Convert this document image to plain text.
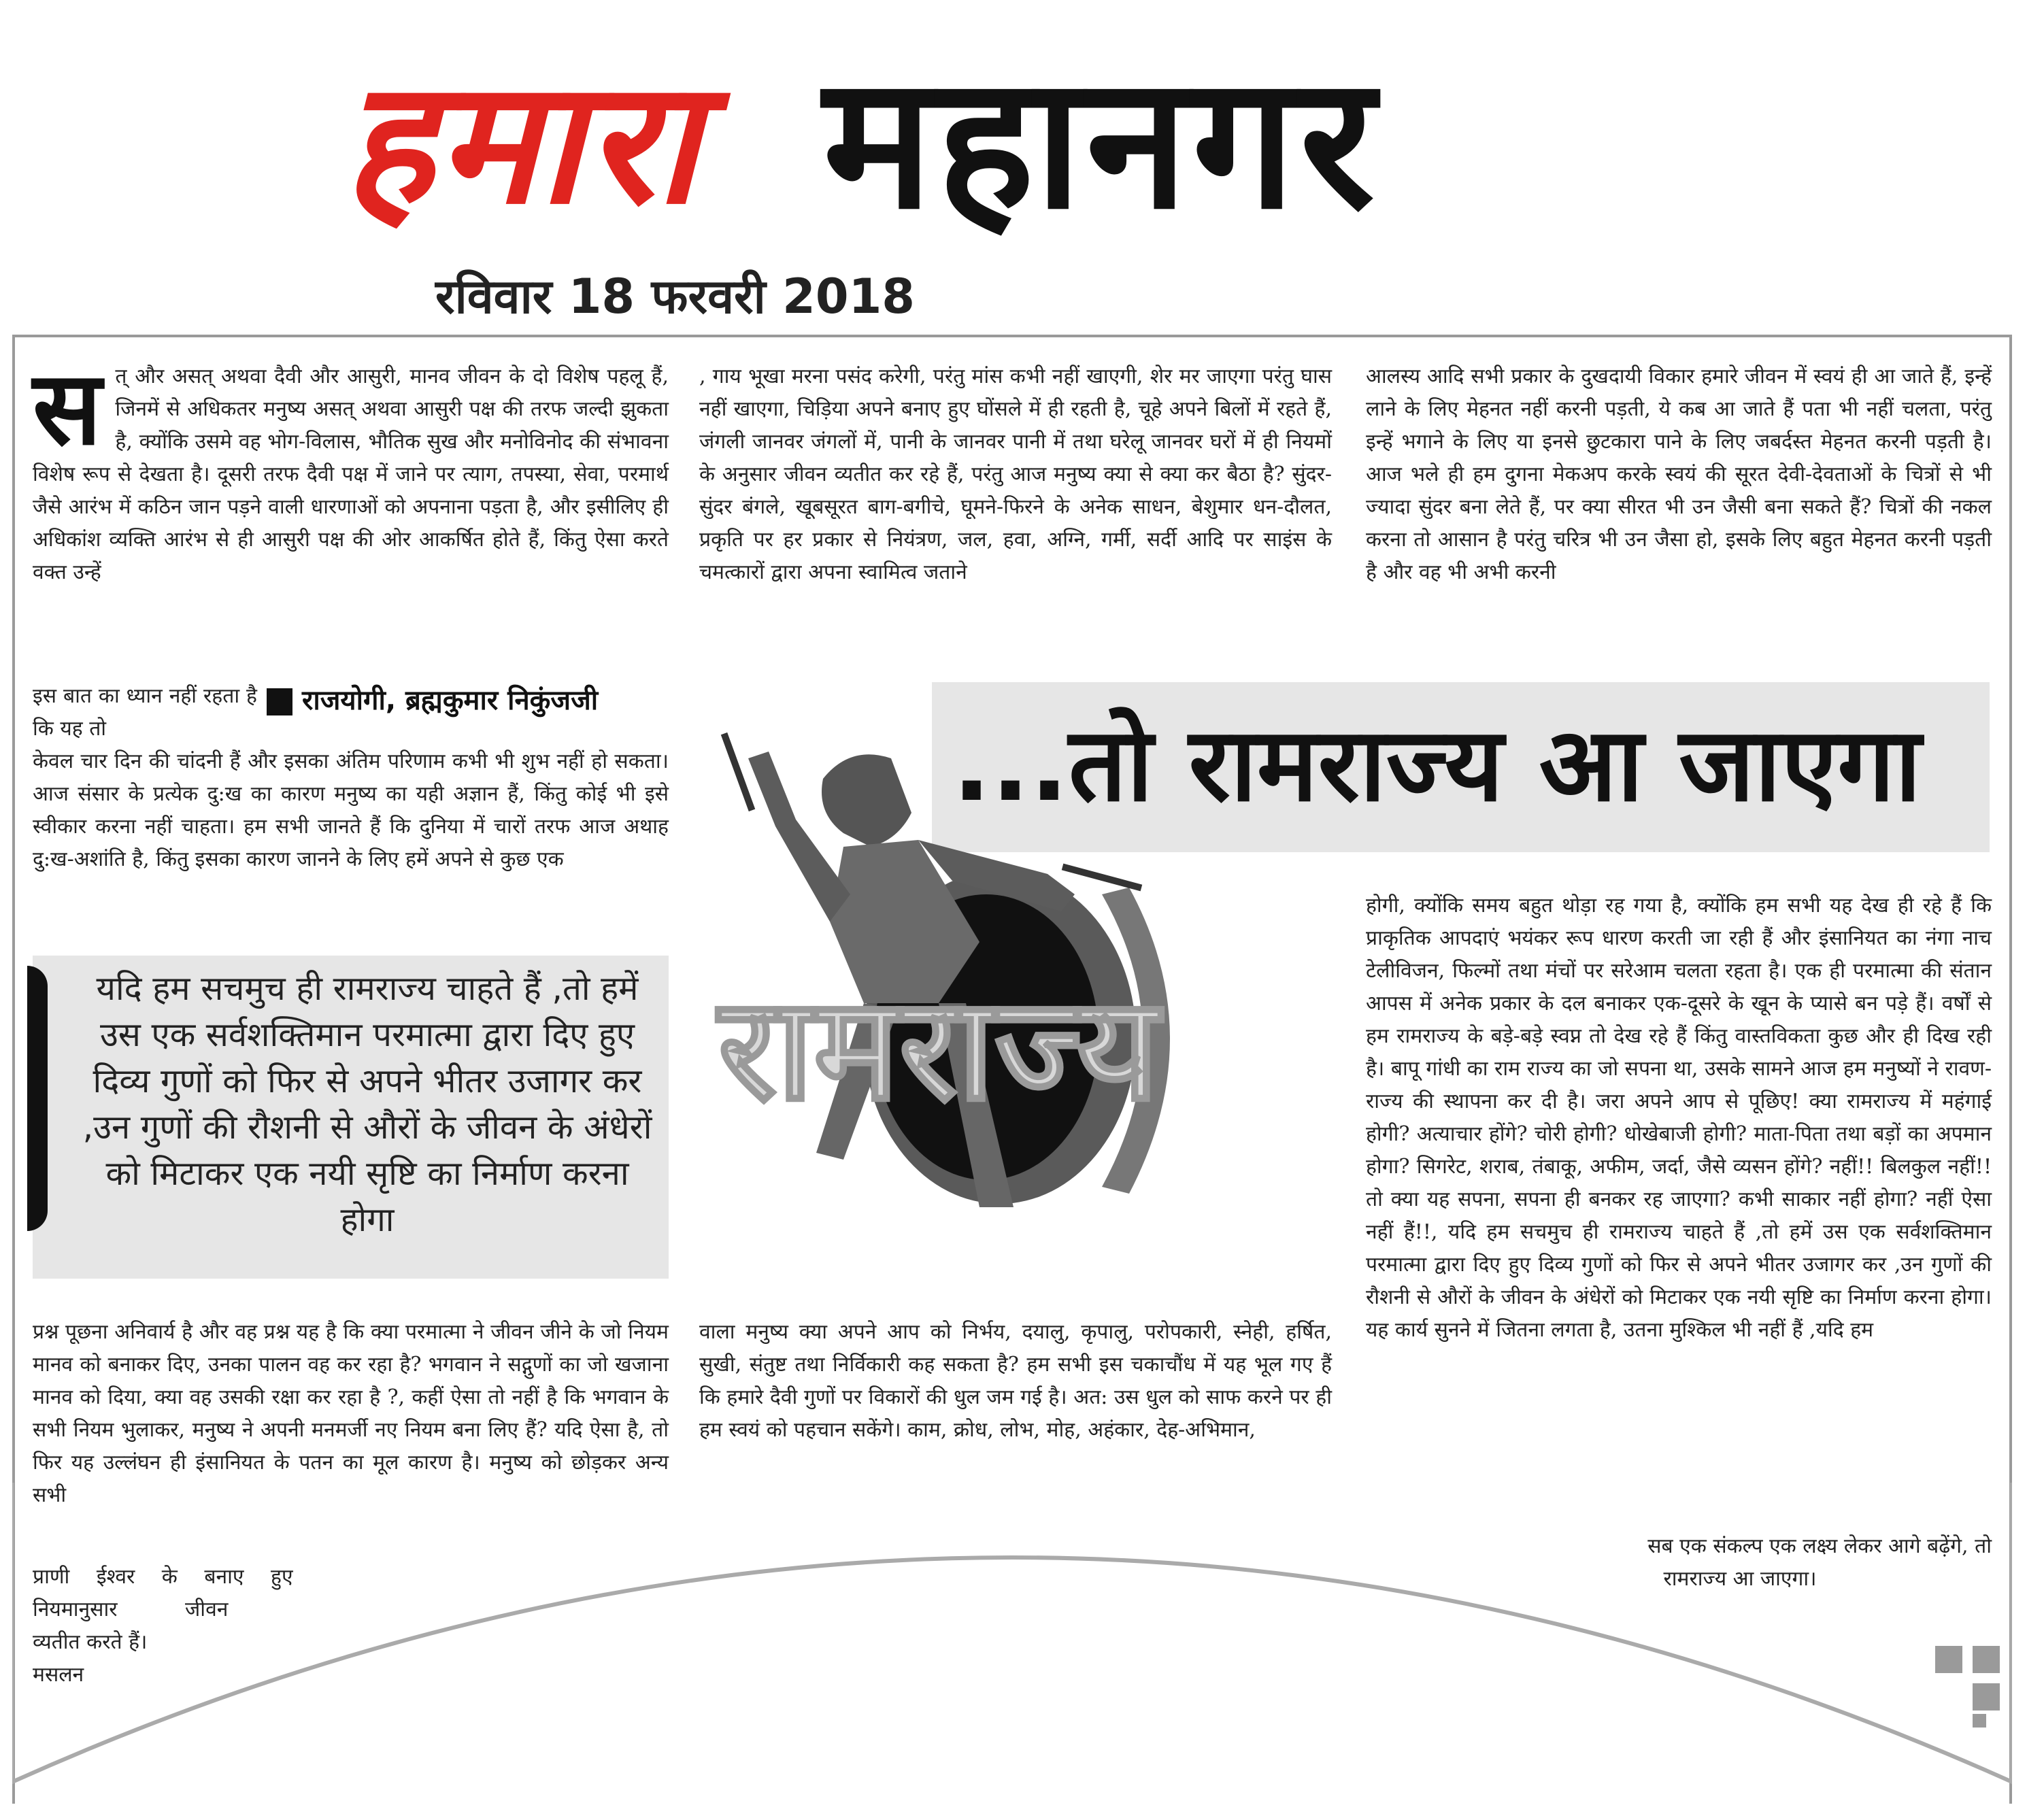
हमारा महानगर
रविवार 18 फरवरी 2018
स त् और असत् अथवा दैवी और आसुरी, मानव जीवन के दो विशेष पहलू हैं, जिनमें से अधिकतर मनुष्य असत् अथवा आसुरी पक्ष की तरफ जल्दी झुकता है, क्योंकि उसमे वह भोग-विलास, भौतिक सुख और मनोविनोद की संभावना विशेष रूप से देखता है। दूसरी तरफ दैवी पक्ष में जाने पर त्याग, तपस्या, सेवा, परमार्थ जैसे आरंभ में कठिन जान पड़ने वाली धारणाओं को अपनाना पड़ता है, और इसीलिए ही अधिकांश व्यक्ति आरंभ से ही आसुरी पक्ष की ओर आकर्षित होते हैं, किंतु ऐसा करते वक्त उन्हें

इस बात का ध्यान नहीं रहता है कि यह तो

राजयोगी, ब्रह्मकुमार निकुंजजी

केवल चार दिन की चांदनी हैं और इसका अंतिम परिणाम कभी भी शुभ नहीं हो सकता। आज संसार के प्रत्येक दु:ख का कारण मनुष्य का यही अज्ञान हैं, किंतु कोई भी इसे स्वीकार करना नहीं चाहता। हम सभी जानते हैं कि दुनिया में चारों तरफ आज अथाह दु:ख-अशांति है, किंतु इसका कारण जानने के लिए हमें अपने से कुछ एक

यदि हम सचमुच ही रामराज्य चाहते हैं ,तो हमें उस एक सर्वशक्तिमान परमात्मा द्वारा दिए हुए दिव्य गुणों को फिर से अपने भीतर उजागर कर ,उन गुणों की रौशनी से औरों के जीवन के अंधेरों को मिटाकर एक नयी सृष्टि का निर्माण करना होगा

प्रश्न पूछना अनिवार्य है और वह प्रश्न यह है कि क्या परमात्मा ने जीवन जीने के जो नियम मानव को बनाकर दिए, उनका पालन वह कर रहा है? भगवान ने सद्गुणों का जो खजाना मानव को दिया, क्या वह उसकी रक्षा कर रहा है ?, कहीं ऐसा तो नहीं है कि भगवान के सभी नियम भुलाकर, मनुष्य ने अपनी मनमर्जी नए नियम बना लिए हैं? यदि ऐसा है, तो फिर यह उल्लंघन ही इंसानियत के पतन का मूल कारण है। मनुष्य को छोड़कर अन्य सभी

प्राणी ईश्वर के बनाए हुए

नियमानुसार जीवन

व्यतीत करते हैं।

मसलन

, गाय भूखा मरना पसंद करेगी, परंतु मांस कभी नहीं खाएगी, शेर मर जाएगा परंतु घास नहीं खाएगा, चिड़िया अपने बनाए हुए घोंसले में ही रहती है, चूहे अपने बिलों में रहते हैं, जंगली जानवर जंगलों में, पानी के जानवर पानी में तथा घरेलू जानवर घरों में ही नियमों के अनुसार जीवन व्यतीत कर रहे हैं, परंतु आज मनुष्य क्या से क्या कर बैठा है? सुंदर-सुंदर बंगले, खूबसूरत बाग-बगीचे, घूमने-फिरने के अनेक साधन, बेशुमार धन-दौलत, प्रकृति पर हर प्रकार से नियंत्रण, जल, हवा, अग्नि, गर्मी, सर्दी आदि पर साइंस के चमत्कारों द्वारा अपना स्वामित्व जताने

वाला मनुष्य क्या अपने आप को निर्भय, दयालु, कृपालु, परोपकारी, स्नेही, हर्षित, सुखी, संतुष्ट तथा निर्विकारी कह सकता है? हम सभी इस चकाचौंध में यह भूल गए हैं कि हमारे दैवी गुणों पर विकारों की धुल जम गई है। अत: उस धुल को साफ करने पर ही हम स्वयं को पहचान सकेंगे। काम, क्रोध, लोभ, मोह, अहंकार, देह-अभिमान,

आलस्य आदि सभी प्रकार के दुखदायी विकार हमारे जीवन में स्वयं ही आ जाते हैं, इन्हें लाने के लिए मेहनत नहीं करनी पड़ती, ये कब आ जाते हैं पता भी नहीं चलता, परंतु इन्हें भगाने के लिए या इनसे छुटकारा पाने के लिए जबर्दस्त मेहनत करनी पड़ती है। आज भले ही हम दुगना मेकअप करके स्वयं की सूरत देवी-देवताओं के चित्रों से भी ज्यादा सुंदर बना लेते हैं, पर क्या सीरत भी उन जैसी बना सकते हैं? चित्रों की नकल करना तो आसान है परंतु चरित्र भी उन जैसा हो, इसके लिए बहुत मेहनत करनी पड़ती है और वह भी अभी करनी

...तो रामराज्य आ जाएगा

होगी, क्योंकि समय बहुत थोड़ा रह गया है, क्योंकि हम सभी यह देख ही रहे हैं कि प्राकृतिक आपदाएं भयंकर रूप धारण करती जा रही हैं और इंसानियत का नंगा नाच टेलीविजन, फिल्मों तथा मंचों पर सरेआम चलता रहता है। एक ही परमात्मा की संतान आपस में अनेक प्रकार के दल बनाकर एक-दूसरे के खून के प्यासे बन पड़े हैं। वर्षों से हम रामराज्य के बड़े-बड़े स्वप्न तो देख रहे हैं किंतु वास्तविकता कुछ और ही दिख रही है। बापू गांधी का राम राज्य का जो सपना था, उसके सामने आज हम मनुष्यों ने रावण-राज्य की स्थापना कर दी है। जरा अपने आप से पूछिए! क्या रामराज्य में महंगाई होगी? अत्याचार होंगे? चोरी होगी? धोखेबाजी होगी? माता-पिता तथा बड़ों का अपमान होगा? सिगरेट, शराब, तंबाकू, अफीम, जर्दा, जैसे व्यसन होंगे? नहीं!! बिलकुल नहीं!! तो क्या यह सपना, सपना ही बनकर रह जाएगा? कभी साकार नहीं होगा? नहीं ऐसा नहीं हैं!!, यदि हम सचमुच ही रामराज्य चाहते हैं ,तो हमें उस एक सर्वशक्तिमान परमात्मा द्वारा दिए हुए दिव्य गुणों को फिर से अपने भीतर उजागर कर ,उन गुणों की रौशनी से औरों के जीवन के अंधेरों को मिटाकर एक नयी सृष्टि का निर्माण करना होगा। यह कार्य सुनने में जितना लगता है, उतना मुश्किल भी नहीं हैं ,यदि हम

सब एक संकल्प एक लक्ष्य लेकर आगे बढ़ेंगे, तो

रामराज्य आ जाएगा।

रामराज्य
